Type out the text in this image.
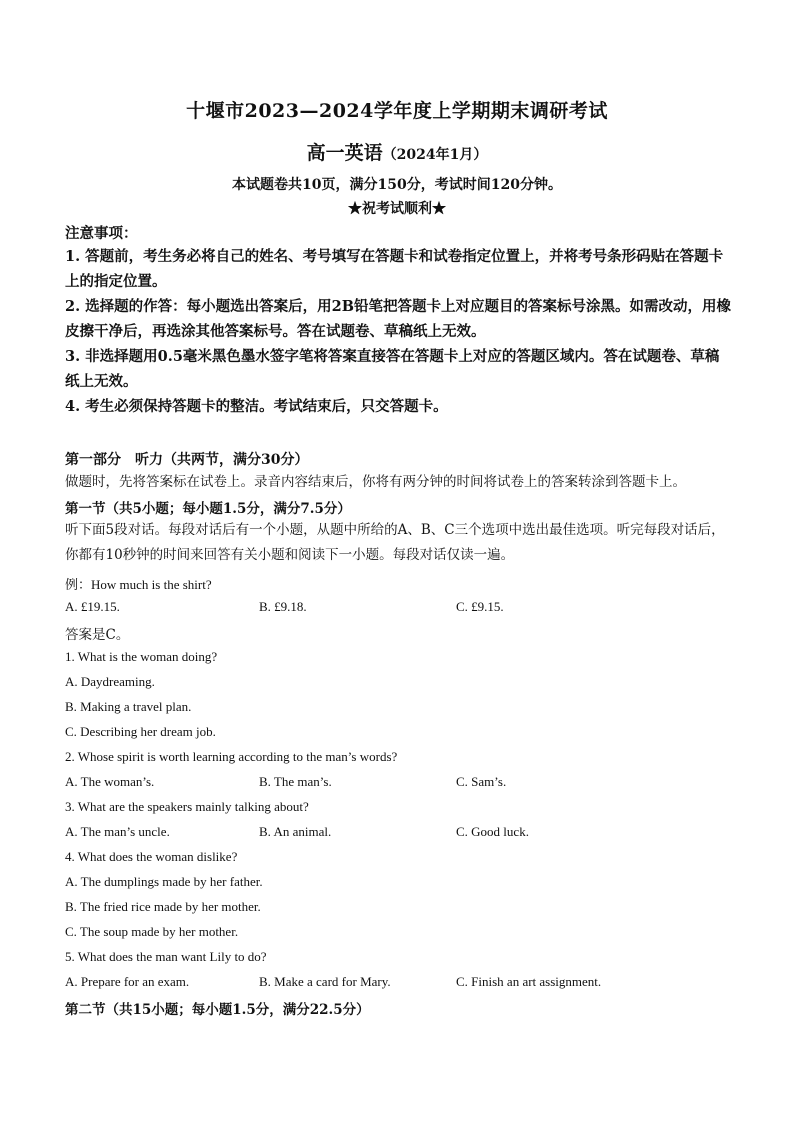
十堰市2023—2024学年度上学期期末调研考试
高一英语（2024年1月）
本试题卷共10页，满分150分，考试时间120分钟。
★祝考试顺利★
注意事项：

1. 答题前，考生务必将自己的姓名、考号填写在答题卡和试卷指定位置上，并将考号条形码贴在答题卡上的指定位置。

2. 选择题的作答：每小题选出答案后，用2B铅笔把答题卡上对应题目的答案标号涂黑。如需改动，用橡皮擦干净后，再选涂其他答案标号。答在试题卷、草稿纸上无效。

3. 非选择题用0.5毫米黑色墨水签字笔将答案直接答在答题卡上对应的答题区域内。答在试题卷、草稿纸上无效。

4. 考生必须保持答题卡的整洁。考试结束后，只交答题卡。

第一部分　听力（共两节，满分30分）
做题时，先将答案标在试卷上。录音内容结束后，你将有两分钟的时间将试卷上的答案转涂到答题卡上。
第一节（共5小题；每小题1.5分，满分7.5分）
听下面5段对话。每段对话后有一个小题，从题中所给的A、B、C三个选项中选出最佳选项。听完每段对话后，你都有10秒钟的时间来回答有关小题和阅读下一小题。每段对话仅读一遍。
例：How much is the shirt?
A. £19.15.	B. £9.18.	C. £9.15.
答案是C。
1. What is the woman doing?
A. Daydreaming.
B. Making a travel plan.
C. Describing her dream job.
2. Whose spirit is worth learning according to the man’s words?
A. The woman’s.	B. The man’s.	C. Sam’s.
3. What are the speakers mainly talking about?
A. The man’s uncle.	B. An animal.	C. Good luck.
4. What does the woman dislike?
A. The dumplings made by her father.
B. The fried rice made by her mother.
C. The soup made by her mother.
5. What does the man want Lily to do?
A. Prepare for an exam.	B. Make a card for Mary.	C. Finish an art assignment.
第二节（共15小题；每小题1.5分，满分22.5分）
